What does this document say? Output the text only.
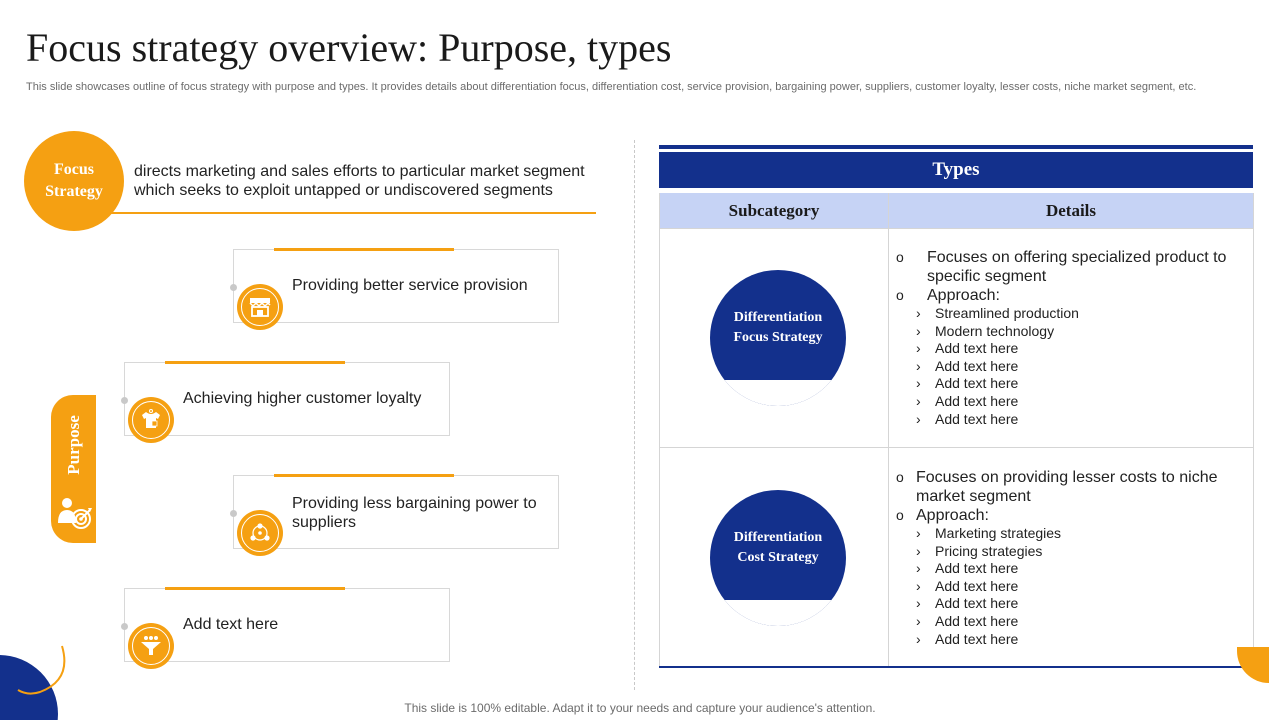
Focus strategy overview: Purpose, types
This slide showcases outline of focus strategy with purpose and types. It provides details about differentiation focus, differentiation cost, service provision, bargaining power, suppliers, customer loyalty, lesser costs, niche market segment, etc.
Focus
Strategy
directs marketing and sales efforts to particular market segment which seeks to exploit untapped or undiscovered segments
Purpose
Providing better service provision
Achieving higher customer loyalty
Providing less bargaining power to suppliers
Add text here
Types
Subcategory	Details
Differentiation
Focus Strategy
o Focuses on offering specialized product to specific segment
o Approach:
› Streamlined production
› Modern technology
› Add text here
› Add text here
› Add text here
› Add text here
› Add text here
Differentiation
Cost Strategy
o Focuses on providing lesser costs to niche market segment
o Approach:
› Marketing strategies
› Pricing strategies
› Add text here
› Add text here
› Add text here
› Add text here
› Add text here
This slide is 100% editable. Adapt it to your needs and capture your audience's attention.
